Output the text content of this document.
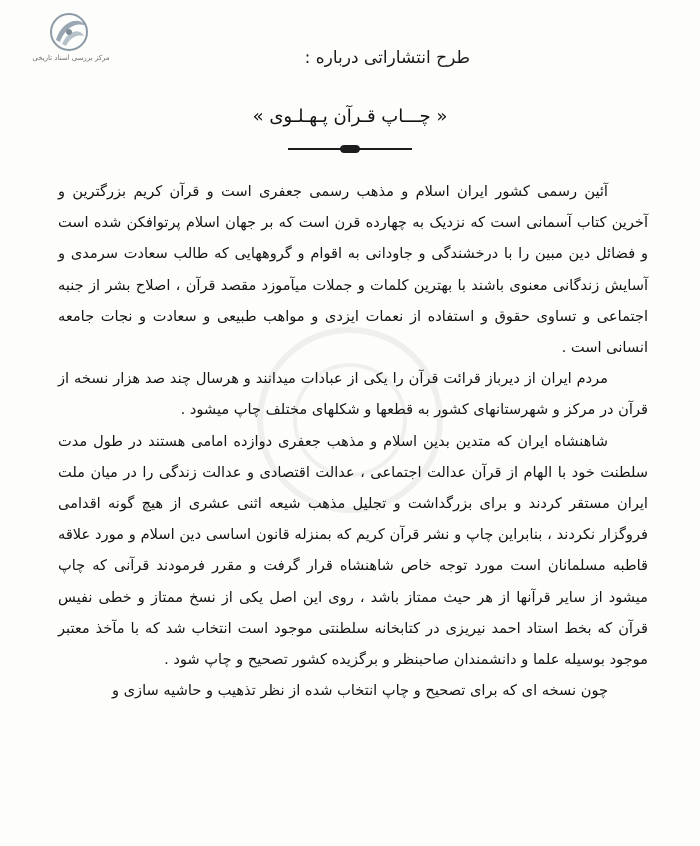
مرکز بررسی اسناد تاریخی	طرح انتشاراتی درباره :
« چـــاپ قـرآن پـهـلـوی »

آئین رسمی کشور ایران اسلام و مذهب رسمی جعفری است و قرآن کریم بزرگترین و آخرین کتاب آسمانی است که نزدیک به چهارده قرن است که بر جهان اسلام پرتوافکن شده است و فضائل دین مبین را با درخشندگی و جاودانی به اقوام و گروههایی که طالب سعادت سرمدی و آسایش زندگانی معنوی باشند با بهترین کلمات و جملات میآموزد مقصد قرآن ، اصلاح بشر از جنبه اجتماعی و تساوی حقوق و استفاده از نعمات ایزدی و مواهب طبیعی و سعادت و نجات جامعه انسانی است .

مردم ایران از دیرباز قرائت قرآن را یکی از عبادات میدانند و هرسال چند صد هزار نسخه از قرآن در مرکز و شهرستانهای کشور به قطعها و شکلهای مختلف چاپ میشود .

شاهنشاه ایران که متدین بدین اسلام و مذهب جعفری دوازده امامی هستند در طول مدت سلطنت خود با الهام از قرآن عدالت اجتماعی ، عدالت اقتصادی و عدالت زندگی را در میان ملت ایران مستقر کردند و برای بزرگداشت و تجلیل مذهب شیعه اثنی عشری از هیچ گونه اقدامی فروگزار نکردند ، بنابراین چاپ و نشر قرآن کریم که بمنزله قانون اساسی دین اسلام و مورد علاقه قاطبه مسلمانان است مورد توجه خاص شاهنشاه قرار گرفت و مقرر فرمودند قرآنی که چاپ میشود از سایر قرآنها از هر حیث ممتاز باشد ، روی این اصل یکی از نسخ ممتاز و خطی نفیس قرآن که بخط استاد احمد نیریزی در کتابخانه سلطنتی موجود است انتخاب شد که با مآخذ معتبر موجود بوسیله علما و دانشمندان صاحبنظر و برگزیده کشور تصحیح و چاپ شود .

چون نسخه ای که برای تصحیح و چاپ انتخاب شده از نظر تذهیب و حاشیه سازی و
